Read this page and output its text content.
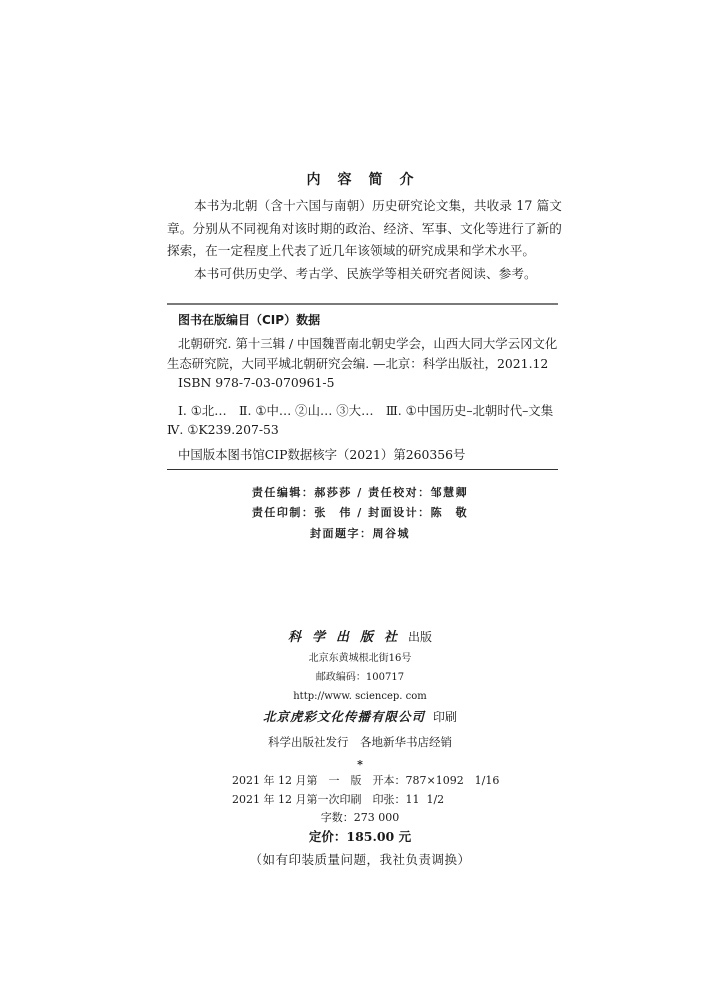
内容简介

本书为北朝（含十六国与南朝）历史研究论文集，共收录 17 篇文章。分别从不同视角对该时期的政治、经济、军事、文化等进行了新的探索，在一定程度上代表了近几年该领域的研究成果和学术水平。

本书可供历史学、考古学、民族学等相关研究者阅读、参考。

图书在版编目（CIP）数据
北朝研究. 第十三辑 / 中国魏晋南北朝史学会，山西大同大学云冈文化
生态研究院，大同平城北朝研究会编. —北京：科学出版社，2021.12
ISBN 978-7-03-070961-5
Ⅰ. ①北…　Ⅱ. ①中… ②山… ③大…　Ⅲ. ①中国历史–北朝时代–文集
Ⅳ. ①K239.207-53
中国版本图书馆CIP数据核字（2021）第260356号
责任编辑：郝莎莎 / 责任校对：邹慧卿
责任印制：张　伟 / 封面设计：陈　敬
封面题字：周谷城
科学出版社出版
北京东黄城根北街16号
邮政编码：100717
http://www. sciencep. com
北京虎彩文化传播有限公司 印刷
科学出版社发行　各地新华书店经销
*
2021 年 12 月第　一　版　开本：787×1092　1/16
2021 年 12 月第一次印刷　印张：11  1/2
字数：273 000
定价：185.00 元
（如有印装质量问题，我社负责调换）
